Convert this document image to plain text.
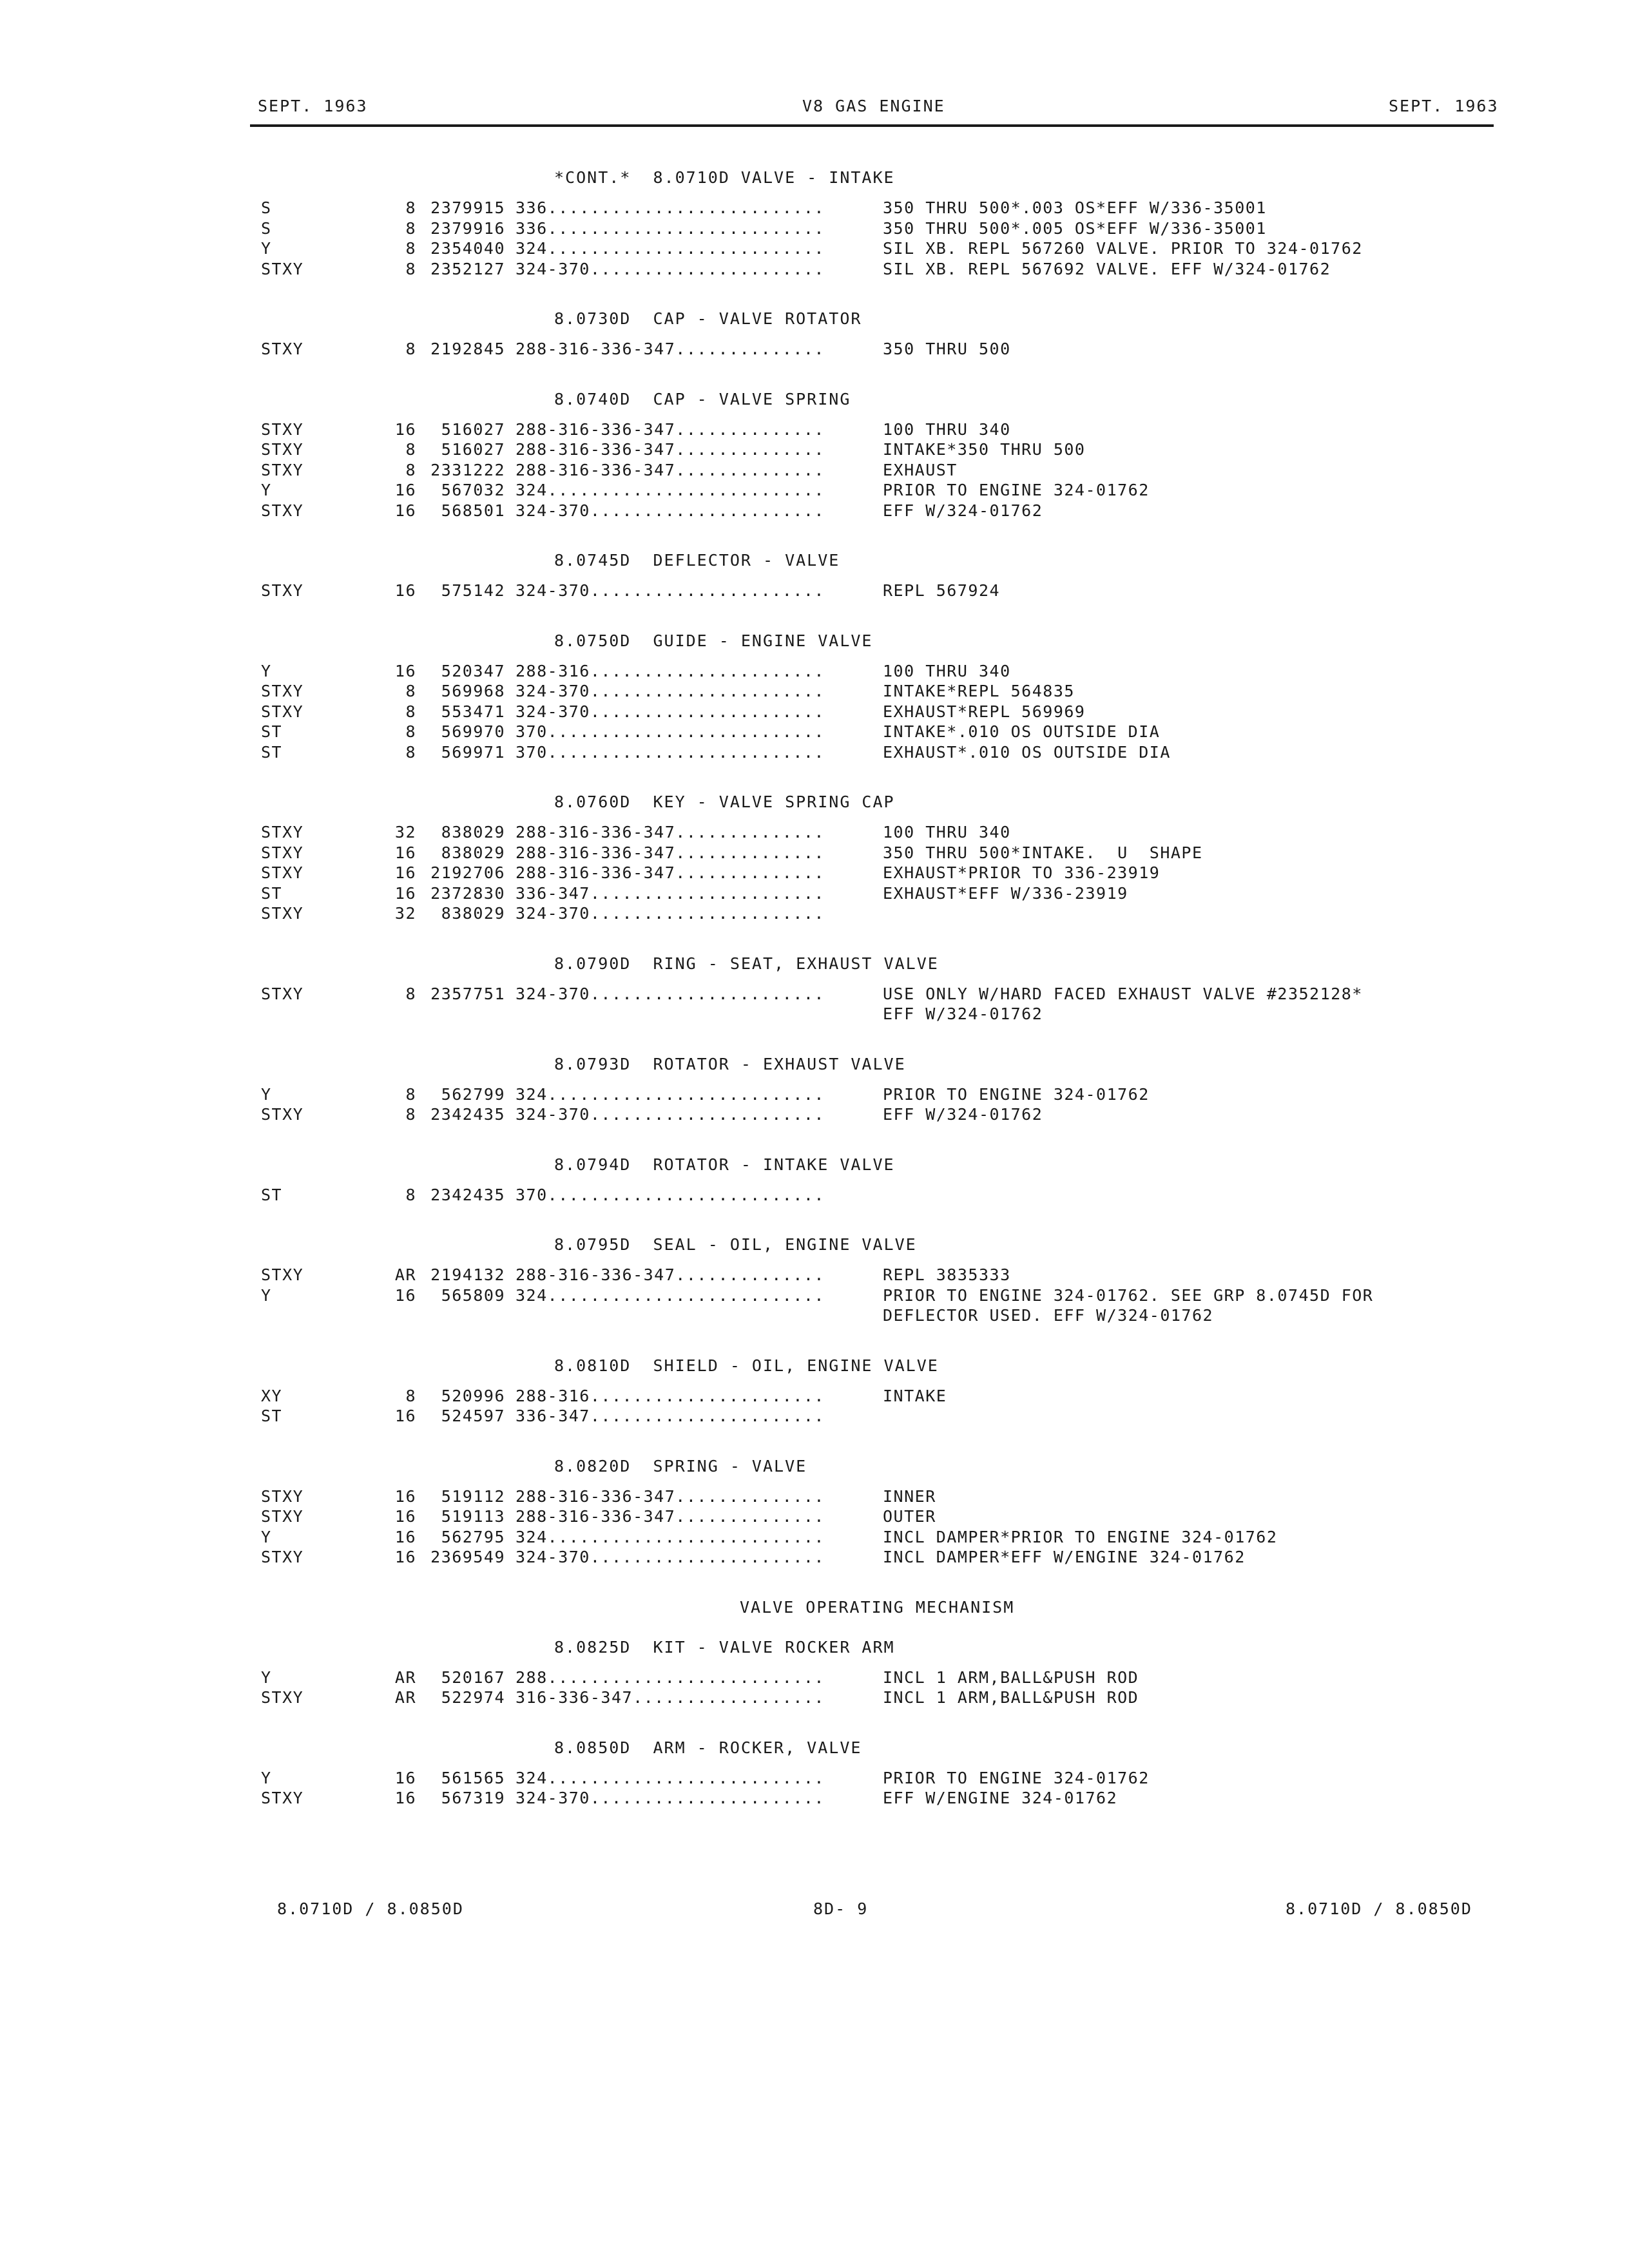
SEPT. 1963	V8 GAS ENGINE	SEPT. 1963
*CONT.*  8.0710D VALVE - INTAKE
S	8 2379915 336..........................	350 THRU 500*.003 OS*EFF W/336-35001
S	8 2379916 336..........................	350 THRU 500*.005 OS*EFF W/336-35001
Y	8 2354040 324..........................	SIL XB. REPL 567260 VALVE. PRIOR TO 324-01762
STXY	8 2352127 324-370......................	SIL XB. REPL 567692 VALVE. EFF W/324-01762
8.0730D  CAP - VALVE ROTATOR
STXY	8 2192845 288-316-336-347..............	350 THRU 500
8.0740D  CAP - VALVE SPRING
STXY	16	516027 288-316-336-347..............	100 THRU 340
STXY	8	516027 288-316-336-347..............	INTAKE*350 THRU 500
STXY	8 2331222 288-316-336-347..............	EXHAUST
Y	16	567032 324..........................	PRIOR TO ENGINE 324-01762
STXY	16	568501 324-370......................	EFF W/324-01762
8.0745D  DEFLECTOR - VALVE
STXY	16	575142 324-370......................	REPL 567924
8.0750D  GUIDE - ENGINE VALVE
Y	16	520347 288-316......................	100 THRU 340
STXY	8	569968 324-370......................	INTAKE*REPL 564835
STXY	8	553471 324-370......................	EXHAUST*REPL 569969
ST	8	569970 370..........................	INTAKE*.010 OS OUTSIDE DIA
ST	8	569971 370..........................	EXHAUST*.010 OS OUTSIDE DIA
8.0760D  KEY - VALVE SPRING CAP
STXY	32	838029 288-316-336-347..............	100 THRU 340
STXY	16	838029 288-316-336-347..............	350 THRU 500*INTAKE.  U  SHAPE
STXY	16 2192706 288-316-336-347..............	EXHAUST*PRIOR TO 336-23919
ST	16 2372830 336-347......................	EXHAUST*EFF W/336-23919
STXY	32	838029 324-370......................
8.0790D  RING - SEAT, EXHAUST VALVE
STXY	8 2357751 324-370......................	USE ONLY W/HARD FACED EXHAUST VALVE #2352128*
EFF W/324-01762
8.0793D  ROTATOR - EXHAUST VALVE
Y	8	562799 324..........................	PRIOR TO ENGINE 324-01762
STXY	8 2342435 324-370......................	EFF W/324-01762
8.0794D  ROTATOR - INTAKE VALVE
ST	8 2342435 370..........................
8.0795D  SEAL - OIL, ENGINE VALVE
STXY	AR 2194132 288-316-336-347..............	REPL 3835333
Y	16	565809 324..........................	PRIOR TO ENGINE 324-01762. SEE GRP 8.0745D FOR
DEFLECTOR USED. EFF W/324-01762
8.0810D  SHIELD - OIL, ENGINE VALVE
XY	8	520996 288-316......................	INTAKE
ST	16	524597 336-347......................
8.0820D  SPRING - VALVE
STXY	16	519112 288-316-336-347..............	INNER
STXY	16	519113 288-316-336-347..............	OUTER
Y	16	562795 324..........................	INCL DAMPER*PRIOR TO ENGINE 324-01762
STXY	16 2369549 324-370......................	INCL DAMPER*EFF W/ENGINE 324-01762
VALVE OPERATING MECHANISM
8.0825D  KIT - VALVE ROCKER ARM
Y	AR	520167 288..........................	INCL 1 ARM,BALL&PUSH ROD
STXY	AR	522974 316-336-347..................	INCL 1 ARM,BALL&PUSH ROD
8.0850D  ARM - ROCKER, VALVE
Y	16	561565 324..........................	PRIOR TO ENGINE 324-01762
STXY	16	567319 324-370......................	EFF W/ENGINE 324-01762
8.0710D / 8.0850D	8D- 9	8.0710D / 8.0850D
